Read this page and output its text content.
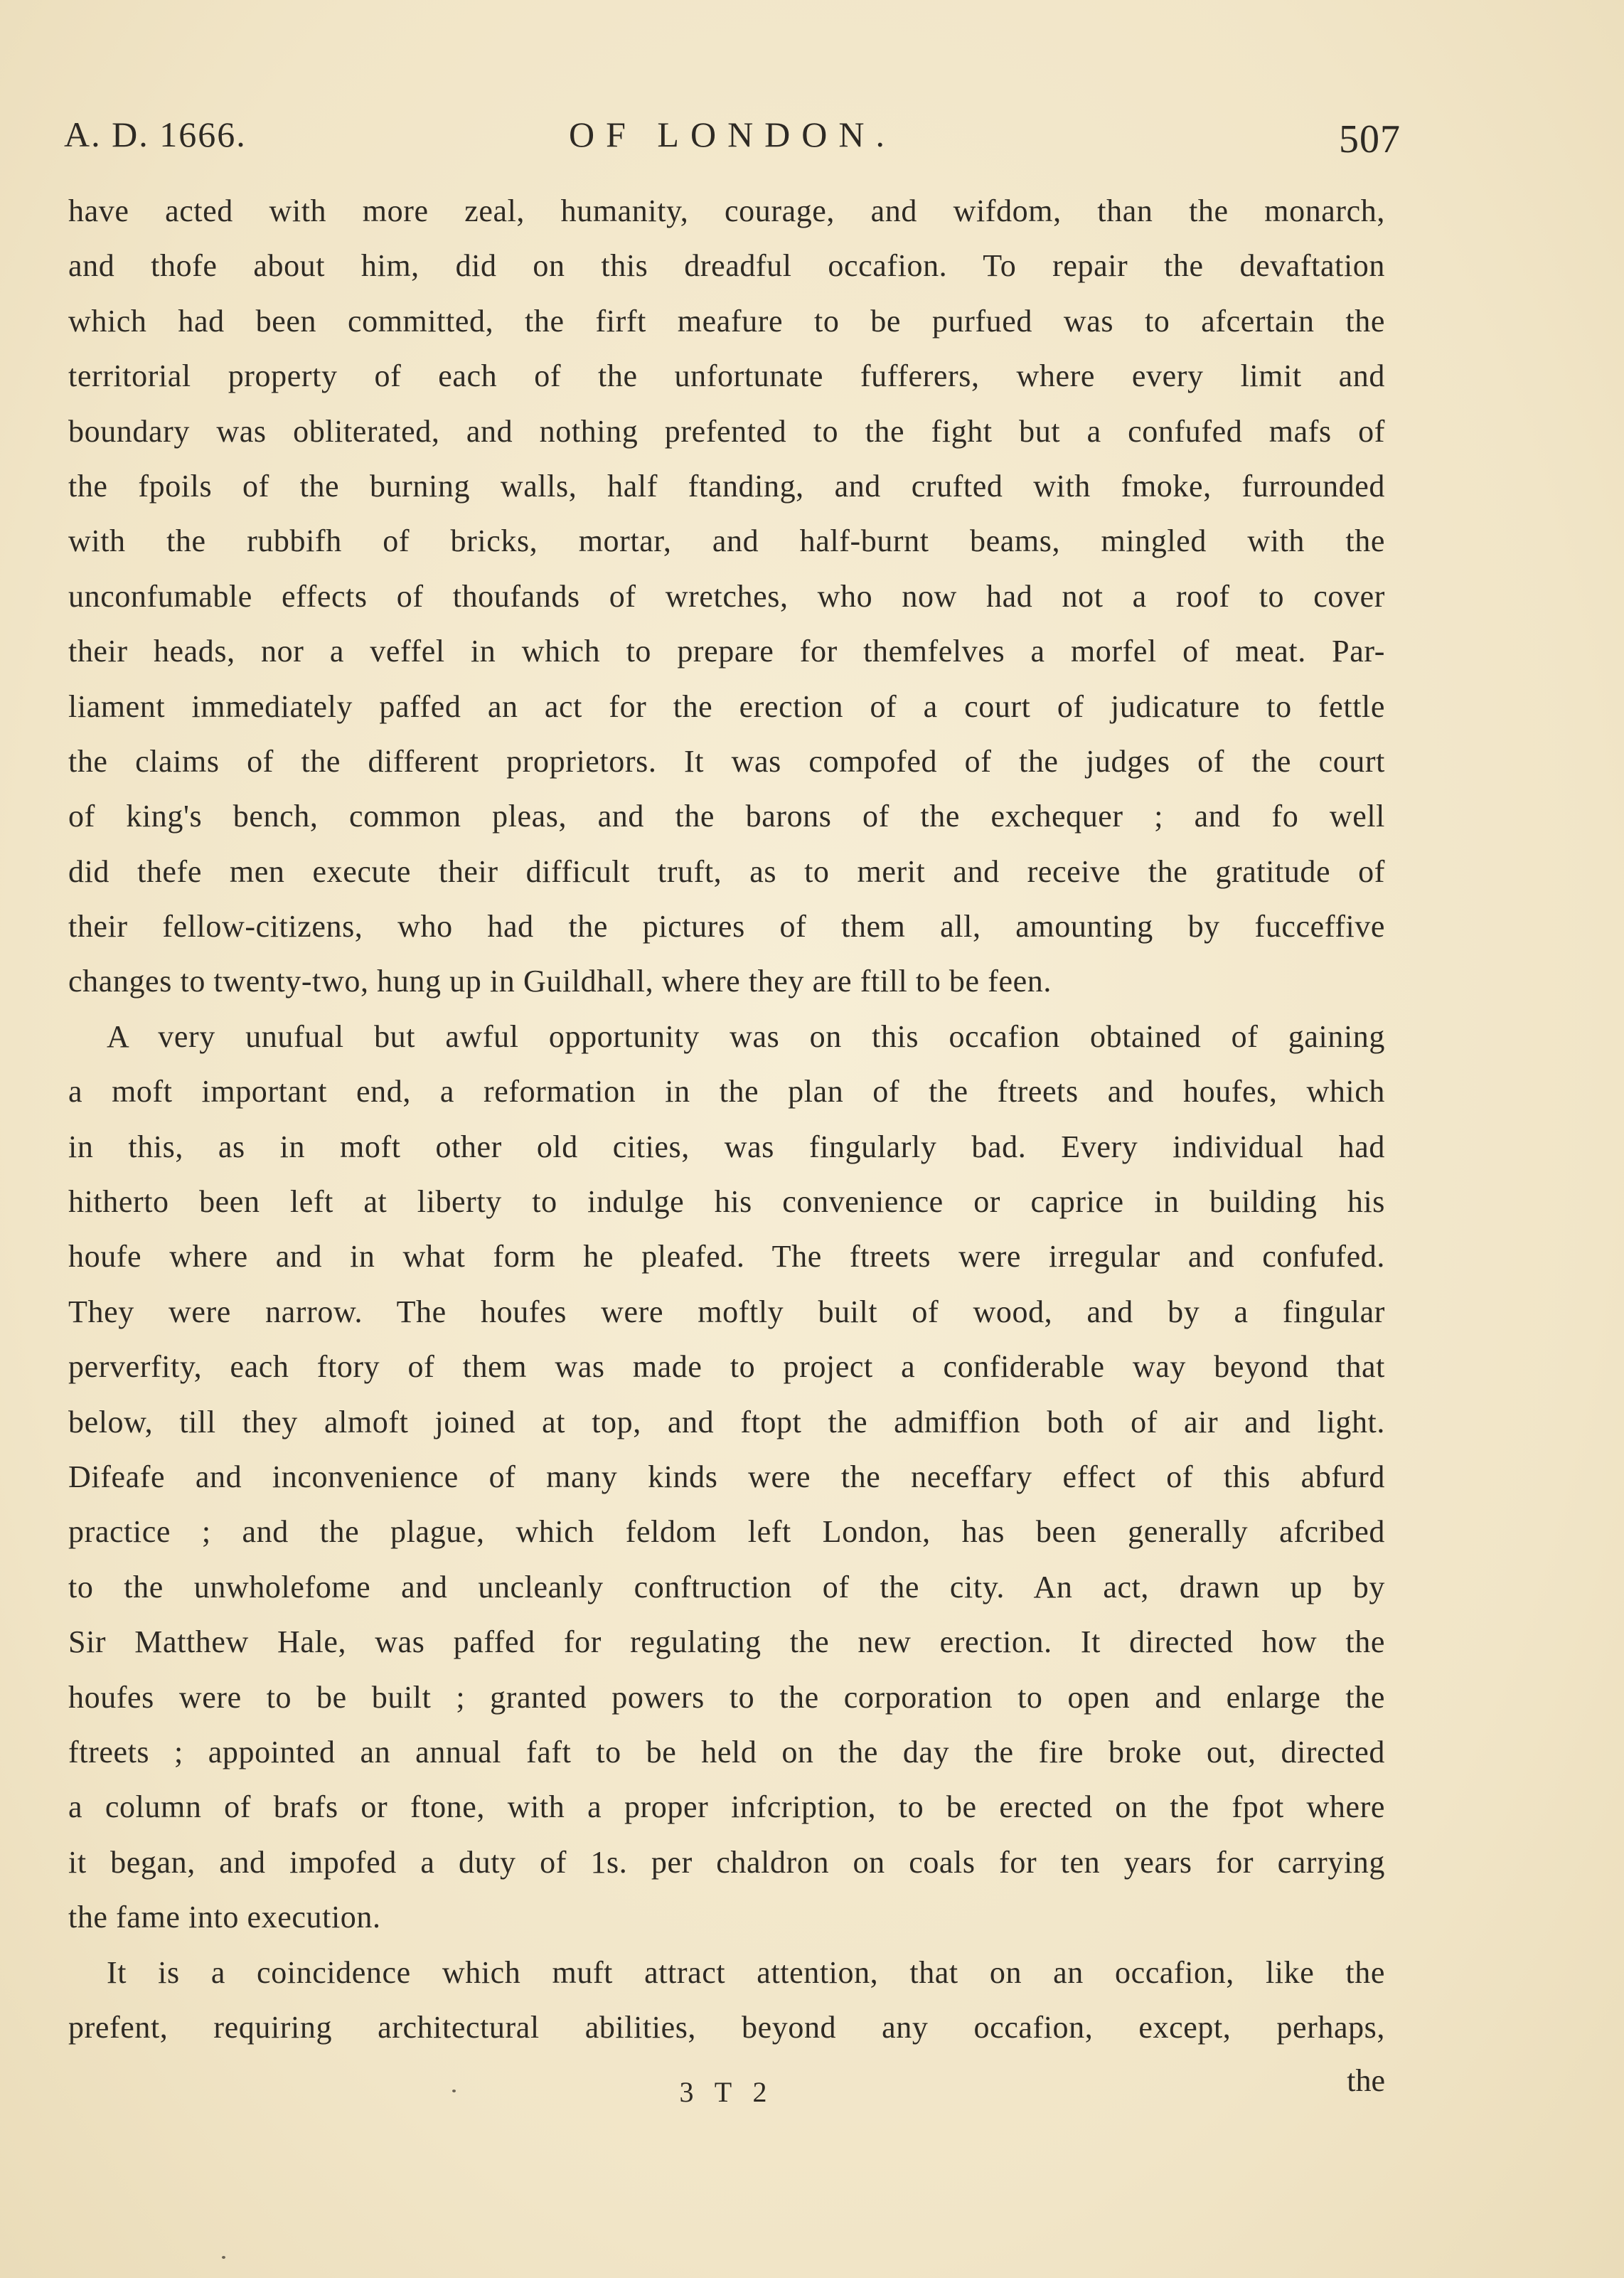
A. D. 1666.	OF LONDON.	507
have acted with more zeal, humanity, courage, and wifdom, than the monarch,
and thofe about him, did on this dreadful occafion. To repair the devaftation
which had been committed, the firft meafure to be purfued was to afcertain the
territorial property of each of the unfortunate fufferers, where every limit and
boundary was obliterated, and nothing prefented to the fight but a confufed mafs of
the fpoils of the burning walls, half ftanding, and crufted with fmoke, furrounded
with the rubbifh of bricks, mortar, and half-burnt beams, mingled with the
unconfumable effects of thoufands of wretches, who now had not a roof to cover
their heads, nor a veffel in which to prepare for themfelves a morfel of meat. Par-
liament immediately paffed an act for the erection of a court of judicature to fettle
the claims of the different proprietors. It was compofed of the judges of the court
of king's bench, common pleas, and the barons of the exchequer ; and fo well
did thefe men execute their difficult truft, as to merit and receive the gratitude of
their fellow-citizens, who had the pictures of them all, amounting by fucceffive
changes to twenty-two, hung up in Guildhall, where they are ftill to be feen.
A very unufual but awful opportunity was on this occafion obtained of gaining
a moft important end, a reformation in the plan of the ftreets and houfes, which
in this, as in moft other old cities, was fingularly bad. Every individual had
hitherto been left at liberty to indulge his convenience or caprice in building his
houfe where and in what form he pleafed. The ftreets were irregular and confufed.
They were narrow. The houfes were moftly built of wood, and by a fingular
perverfity, each ftory of them was made to project a confiderable way beyond that
below, till they almoft joined at top, and ftopt the admiffion both of air and light.
Difeafe and inconvenience of many kinds were the neceffary effect of this abfurd
practice ; and the plague, which feldom left London, has been generally afcribed
to the unwholefome and uncleanly conftruction of the city. An act, drawn up by
Sir Matthew Hale, was paffed for regulating the new erection. It directed how the
houfes were to be built ; granted powers to the corporation to open and enlarge the
ftreets ; appointed an annual faft to be held on the day the fire broke out, directed
a column of brafs or ftone, with a proper infcription, to be erected on the fpot where
it began, and impofed a duty of 1s. per chaldron on coals for ten years for carrying
the fame into execution.
It is a coincidence which muft attract attention, that on an occafion, like the
prefent, requiring architectural abilities, beyond any occafion, except, perhaps,
3 T 2	the
